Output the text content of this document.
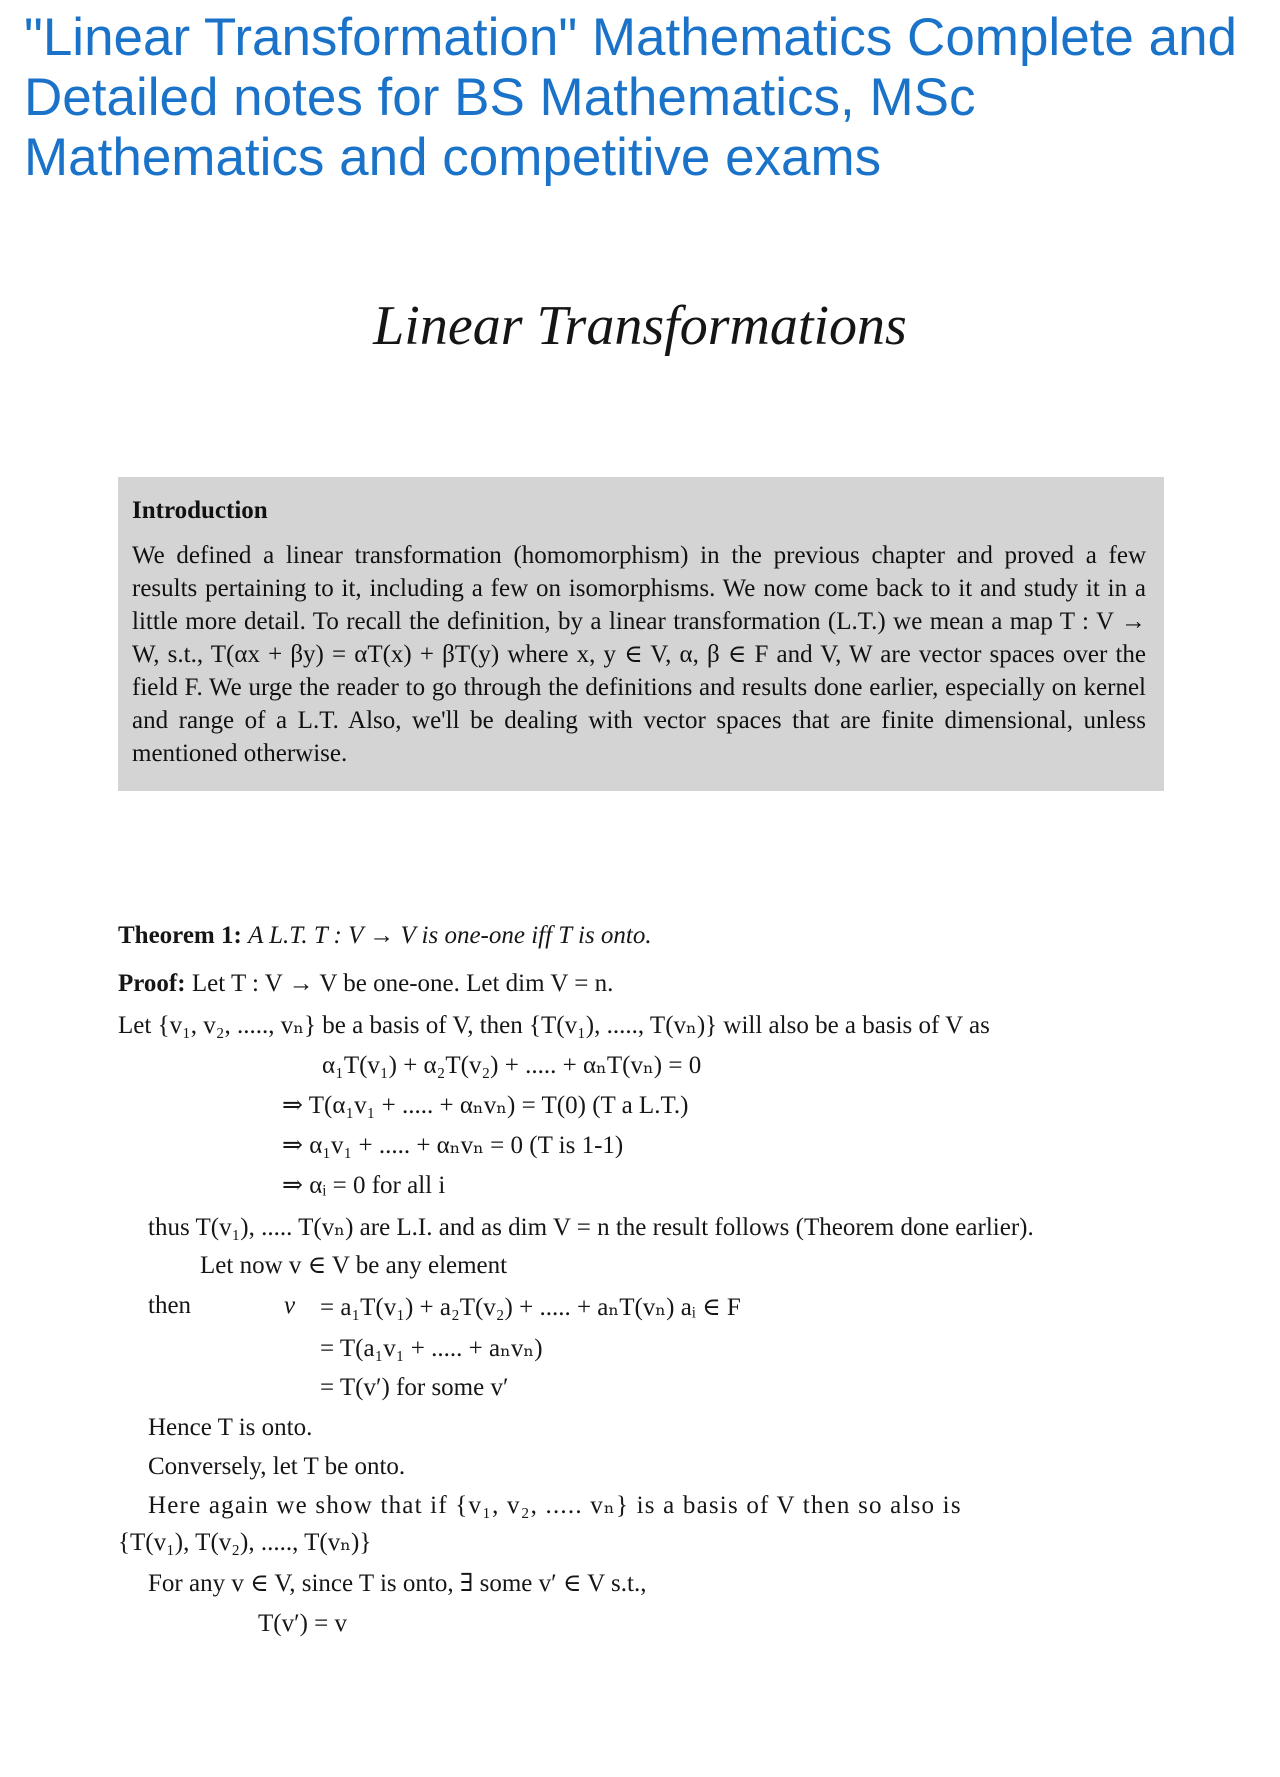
"Linear Transformation" Mathematics Complete and Detailed notes for BS Mathematics, MSc Mathematics and competitive exams
Linear Transformations
Introduction
We defined a linear transformation (homomorphism) in the previous chapter and proved a few results pertaining to it, including a few on isomorphisms. We now come back to it and study it in a little more detail. To recall the definition, by a linear transformation (L.T.) we mean a map T : V → W, s.t., T(αx + βy) = αT(x) + βT(y) where x, y ∈ V, α, β ∈ F and V, W are vector spaces over the field F. We urge the reader to go through the definitions and results done earlier, especially on kernel and range of a L.T. Also, we'll be dealing with vector spaces that are finite dimensional, unless mentioned otherwise.
Theorem 1: A L.T. T : V → V is one-one iff T is onto.
Proof: Let T : V → V be one-one. Let dim V = n.
Let {v₁, v₂, ....., vₙ} be a basis of V, then {T(v₁), ....., T(vₙ)} will also be a basis of V as
α₁T(v₁) + α₂T(v₂) + ..... + αₙT(vₙ) = 0
⇒ T(α₁v₁ + ..... + αₙvₙ) = T(0) (T a L.T.)
⇒ α₁v₁ + ..... + αₙvₙ = 0 (T is 1-1)
⇒ αᵢ = 0 for all i
thus T(v₁), ..... T(vₙ) are L.I. and as dim V = n the result follows (Theorem done earlier).
Let now v ∈ V be any element
then	v = a₁T(v₁) + a₂T(v₂) + ..... + aₙT(vₙ) aᵢ ∈ F
= T(a₁v₁ + ..... + aₙvₙ)
= T(v′) for some v′
Hence T is onto.
Conversely, let T be onto.
Here again we show that if {v₁, v₂, ..... vₙ} is a basis of V then so also is
{T(v₁), T(v₂), ....., T(vₙ)}
For any v ∈ V, since T is onto, ∃ some v′ ∈ V s.t.,
T(v′) = v
